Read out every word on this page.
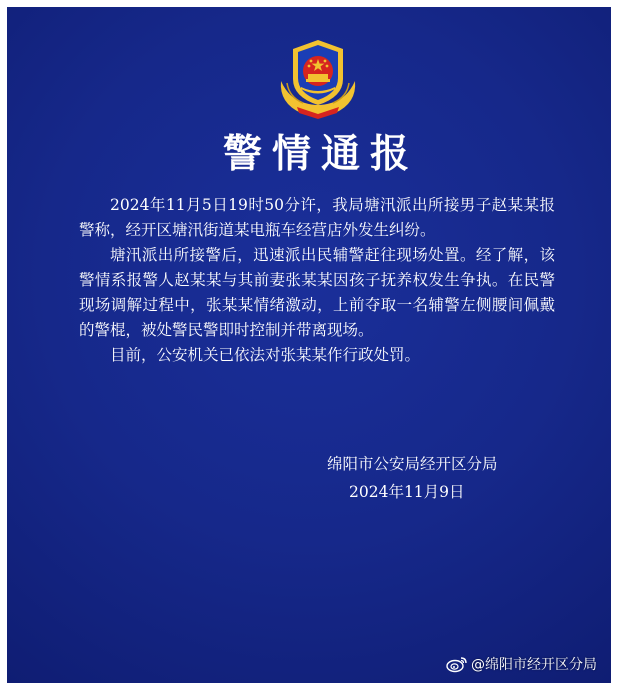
警情通报

2024年11月5日19时50分许，我局塘汛派出所接男子赵某某报警称，经开区塘汛街道某电瓶车经营店外发生纠纷。

塘汛派出所接警后，迅速派出民辅警赶往现场处置。经了解，该警情系报警人赵某某与其前妻张某某因孩子抚养权发生争执。在民警现场调解过程中，张某某情绪激动，上前夺取一名辅警左侧腰间佩戴的警棍，被处警民警即时控制并带离现场。

目前，公安机关已依法对张某某作行政处罚。

绵阳市公安局经开区分局
2024年11月9日
@绵阳市经开区分局
